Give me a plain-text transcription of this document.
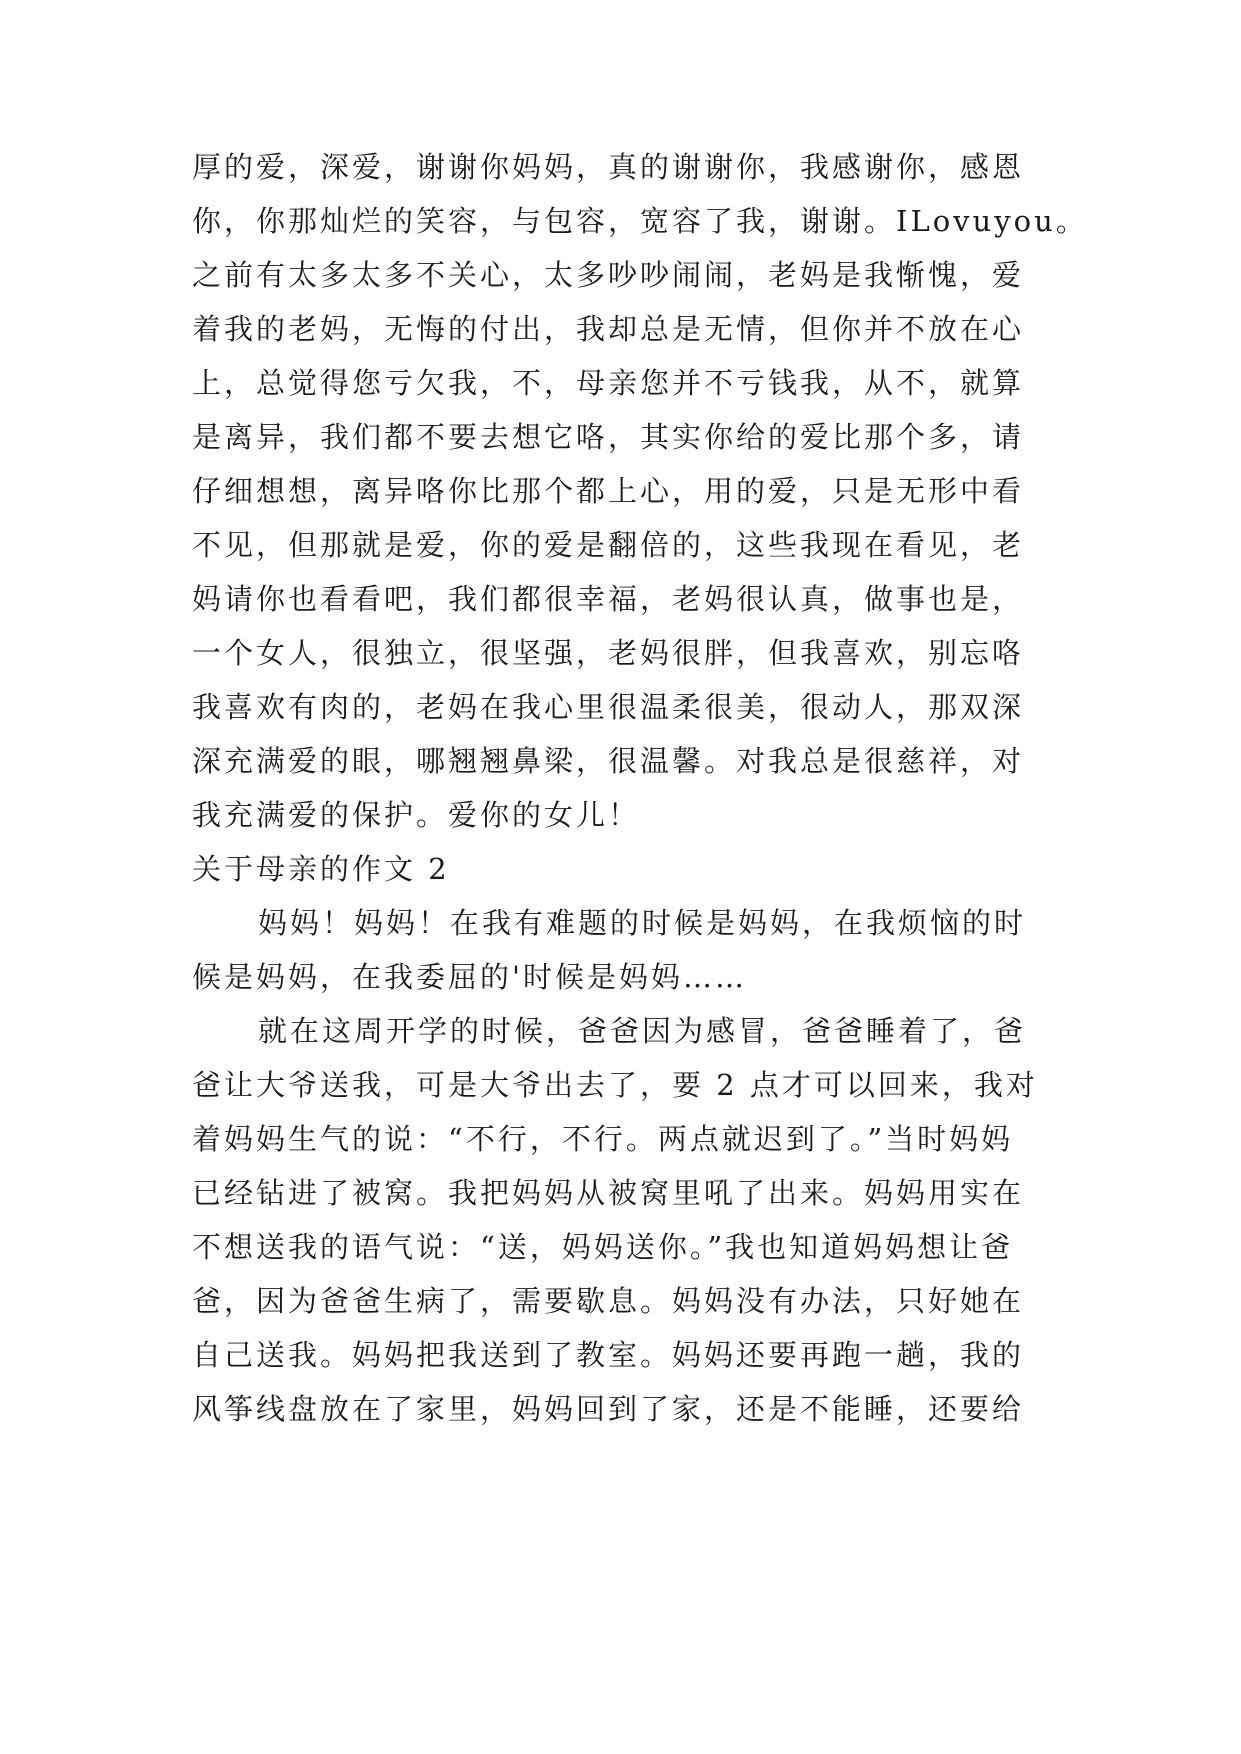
厚的爱，深爱，谢谢你妈妈，真的谢谢你，我感谢你，感恩
你，你那灿烂的笑容，与包容，宽容了我，谢谢。ILovuyou。
之前有太多太多不关心，太多吵吵闹闹，老妈是我惭愧，爱
着我的老妈，无悔的付出，我却总是无情，但你并不放在心
上，总觉得您亏欠我，不，母亲您并不亏钱我，从不，就算
是离异，我们都不要去想它咯，其实你给的爱比那个多，请
仔细想想，离异咯你比那个都上心，用的爱，只是无形中看
不见，但那就是爱，你的爱是翻倍的，这些我现在看见，老
妈请你也看看吧，我们都很幸福，老妈很认真，做事也是，
一个女人，很独立，很坚强，老妈很胖，但我喜欢，别忘咯
我喜欢有肉的，老妈在我心里很温柔很美，很动人，那双深
深充满爱的眼，哪翘翘鼻梁，很温馨。对我总是很慈祥，对
我充满爱的保护。爱你的女儿！
关于母亲的作文 2
妈妈！妈妈！在我有难题的时候是妈妈，在我烦恼的时
候是妈妈，在我委屈的'时候是妈妈……
就在这周开学的时候，爸爸因为感冒，爸爸睡着了，爸
爸让大爷送我，可是大爷出去了，要 2 点才可以回来，我对
着妈妈生气的说：“不行，不行。两点就迟到了。”当时妈妈
已经钻进了被窝。我把妈妈从被窝里吼了出来。妈妈用实在
不想送我的语气说：“送，妈妈送你。”我也知道妈妈想让爸
爸，因为爸爸生病了，需要歇息。妈妈没有办法，只好她在
自己送我。妈妈把我送到了教室。妈妈还要再跑一趟，我的
风筝线盘放在了家里，妈妈回到了家，还是不能睡，还要给
